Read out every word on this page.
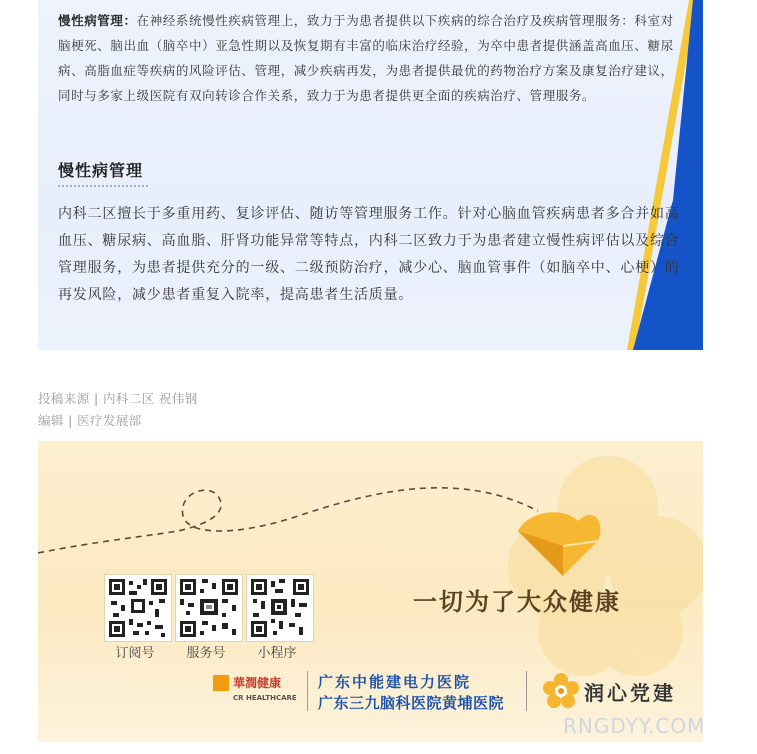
慢性病管理：在神经系统慢性疾病管理上，致力于为患者提供以下疾病的综合治疗及疾病管理服务：科室对脑梗死、脑出血（脑卒中）亚急性期以及恢复期有丰富的临床治疗经验，为卒中患者提供涵盖高血压、糖尿病、高脂血症等疾病的风险评估、管理，减少疾病再发，为患者提供最优的药物治疗方案及康复治疗建议，同时与多家上级医院有双向转诊合作关系，致力于为患者提供更全面的疾病治疗、管理服务。
慢性病管理
内科二区擅长于多重用药、复诊评估、随访等管理服务工作。针对心脑血管疾病患者多合并如高血压、糖尿病、高血脂、肝肾功能异常等特点，内科二区致力于为患者建立慢性病评估以及综合管理服务，为患者提供充分的一级、二级预防治疗，减少心、脑血管事件（如脑卒中、心梗）的再发风险，减少患者重复入院率，提高患者生活质量。
投稿来源 | 内科二区 祝伟钢
编辑 | 医疗发展部
订阅号	服务号	小程序
一切为了大众健康
華潤健康
CR HEALTHCARE
广东中能建电力医院
广东三九脑科医院黄埔医院	润心党建
RNGDYY.COM
